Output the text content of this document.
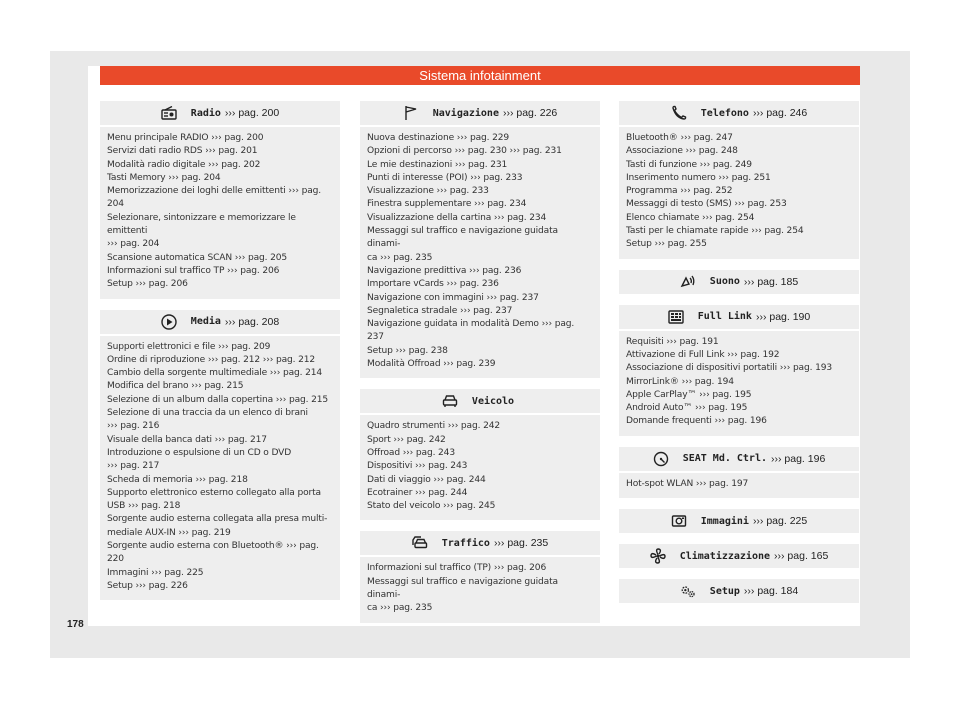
Sistema infotainment
Radio ››› pag. 200
Menu principale RADIO ››› pag. 200
Servizi dati radio RDS ››› pag. 201
Modalità radio digitale ››› pag. 202
Tasti Memory ››› pag. 204
Memorizzazione dei loghi delle emittenti ››› pag. 204
Selezionare, sintonizzare e memorizzare le emittenti
››› pag. 204
Scansione automatica SCAN ››› pag. 205
Informazioni sul traffico TP ››› pag. 206
Setup ››› pag. 206
Media ››› pag. 208
Supporti elettronici e file ››› pag. 209
Ordine di riproduzione ››› pag. 212 ››› pag. 212
Cambio della sorgente multimediale ››› pag. 214
Modifica del brano ››› pag. 215
Selezione di un album dalla copertina ››› pag. 215
Selezione di una traccia da un elenco di brani
››› pag. 216
Visuale della banca dati ››› pag. 217
Introduzione o espulsione di un CD o DVD
››› pag. 217
Scheda di memoria ››› pag. 218
Supporto elettronico esterno collegato alla porta
USB ››› pag. 218
Sorgente audio esterna collegata alla presa multi-
mediale AUX-IN ››› pag. 219
Sorgente audio esterna con Bluetooth® ››› pag. 220
Immagini ››› pag. 225
Setup ››› pag. 226
Navigazione ››› pag. 226
Nuova destinazione ››› pag. 229
Opzioni di percorso ››› pag. 230 ››› pag. 231
Le mie destinazioni ››› pag. 231
Punti di interesse (POI) ››› pag. 233
Visualizzazione ››› pag. 233
Finestra supplementare ››› pag. 234
Visualizzazione della cartina ››› pag. 234
Messaggi sul traffico e navigazione guidata dinami-
ca ››› pag. 235
Navigazione predittiva ››› pag. 236
Importare vCards ››› pag. 236
Navigazione con immagini ››› pag. 237
Segnaletica stradale ››› pag. 237
Navigazione guidata in modalità Demo ››› pag. 237
Setup ››› pag. 238
Modalità Offroad ››› pag. 239
Veicolo
Quadro strumenti ››› pag. 242
Sport ››› pag. 242
Offroad ››› pag. 243
Dispositivi ››› pag. 243
Dati di viaggio ››› pag. 244
Ecotrainer ››› pag. 244
Stato del veicolo ››› pag. 245
Traffico ››› pag. 235
Informazioni sul traffico (TP) ››› pag. 206
Messaggi sul traffico e navigazione guidata dinami-
ca ››› pag. 235
Telefono ››› pag. 246
Bluetooth® ››› pag. 247
Associazione ››› pag. 248
Tasti di funzione ››› pag. 249
Inserimento numero ››› pag. 251
Programma ››› pag. 252
Messaggi di testo (SMS) ››› pag. 253
Elenco chiamate ››› pag. 254
Tasti per le chiamate rapide ››› pag. 254
Setup ››› pag. 255
Suono ››› pag. 185
Full Link ››› pag. 190
Requisiti ››› pag. 191
Attivazione di Full Link ››› pag. 192
Associazione di dispositivi portatili ››› pag. 193
MirrorLink® ››› pag. 194
Apple CarPlay™ ››› pag. 195
Android Auto™ ››› pag. 195
Domande frequenti ››› pag. 196
SEAT Md. Ctrl. ››› pag. 196
Hot-spot WLAN ››› pag. 197
Immagini ››› pag. 225
Climatizzazione ››› pag. 165
Setup ››› pag. 184
178
